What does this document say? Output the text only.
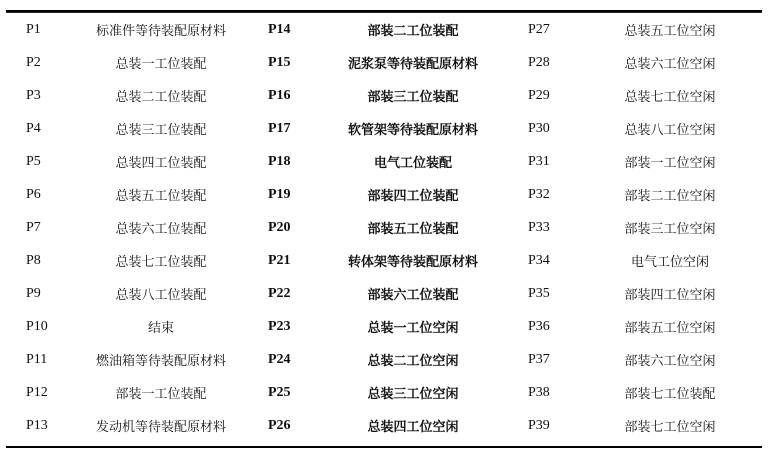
P1	标准件等待装配原材料	P14	部装二工位装配	P27	总装五工位空闲
P2	总装一工位装配	P15	泥浆泵等待装配原材料	P28	总装六工位空闲
P3	总装二工位装配	P16	部装三工位装配	P29	总装七工位空闲
P4	总装三工位装配	P17	软管架等待装配原材料	P30	总装八工位空闲
P5	总装四工位装配	P18	电气工位装配	P31	部装一工位空闲
P6	总装五工位装配	P19	部装四工位装配	P32	部装二工位空闲
P7	总装六工位装配	P20	部装五工位装配	P33	部装三工位空闲
P8	总装七工位装配	P21	转体架等待装配原材料	P34	电气工位空闲
P9	总装八工位装配	P22	部装六工位装配	P35	部装四工位空闲
P10	结束	P23	总装一工位空闲	P36	部装五工位空闲
P11	燃油箱等待装配原材料	P24	总装二工位空闲	P37	部装六工位空闲
P12	部装一工位装配	P25	总装三工位空闲	P38	部装七工位装配
P13	发动机等待装配原材料	P26	总装四工位空闲	P39	部装七工位空闲
